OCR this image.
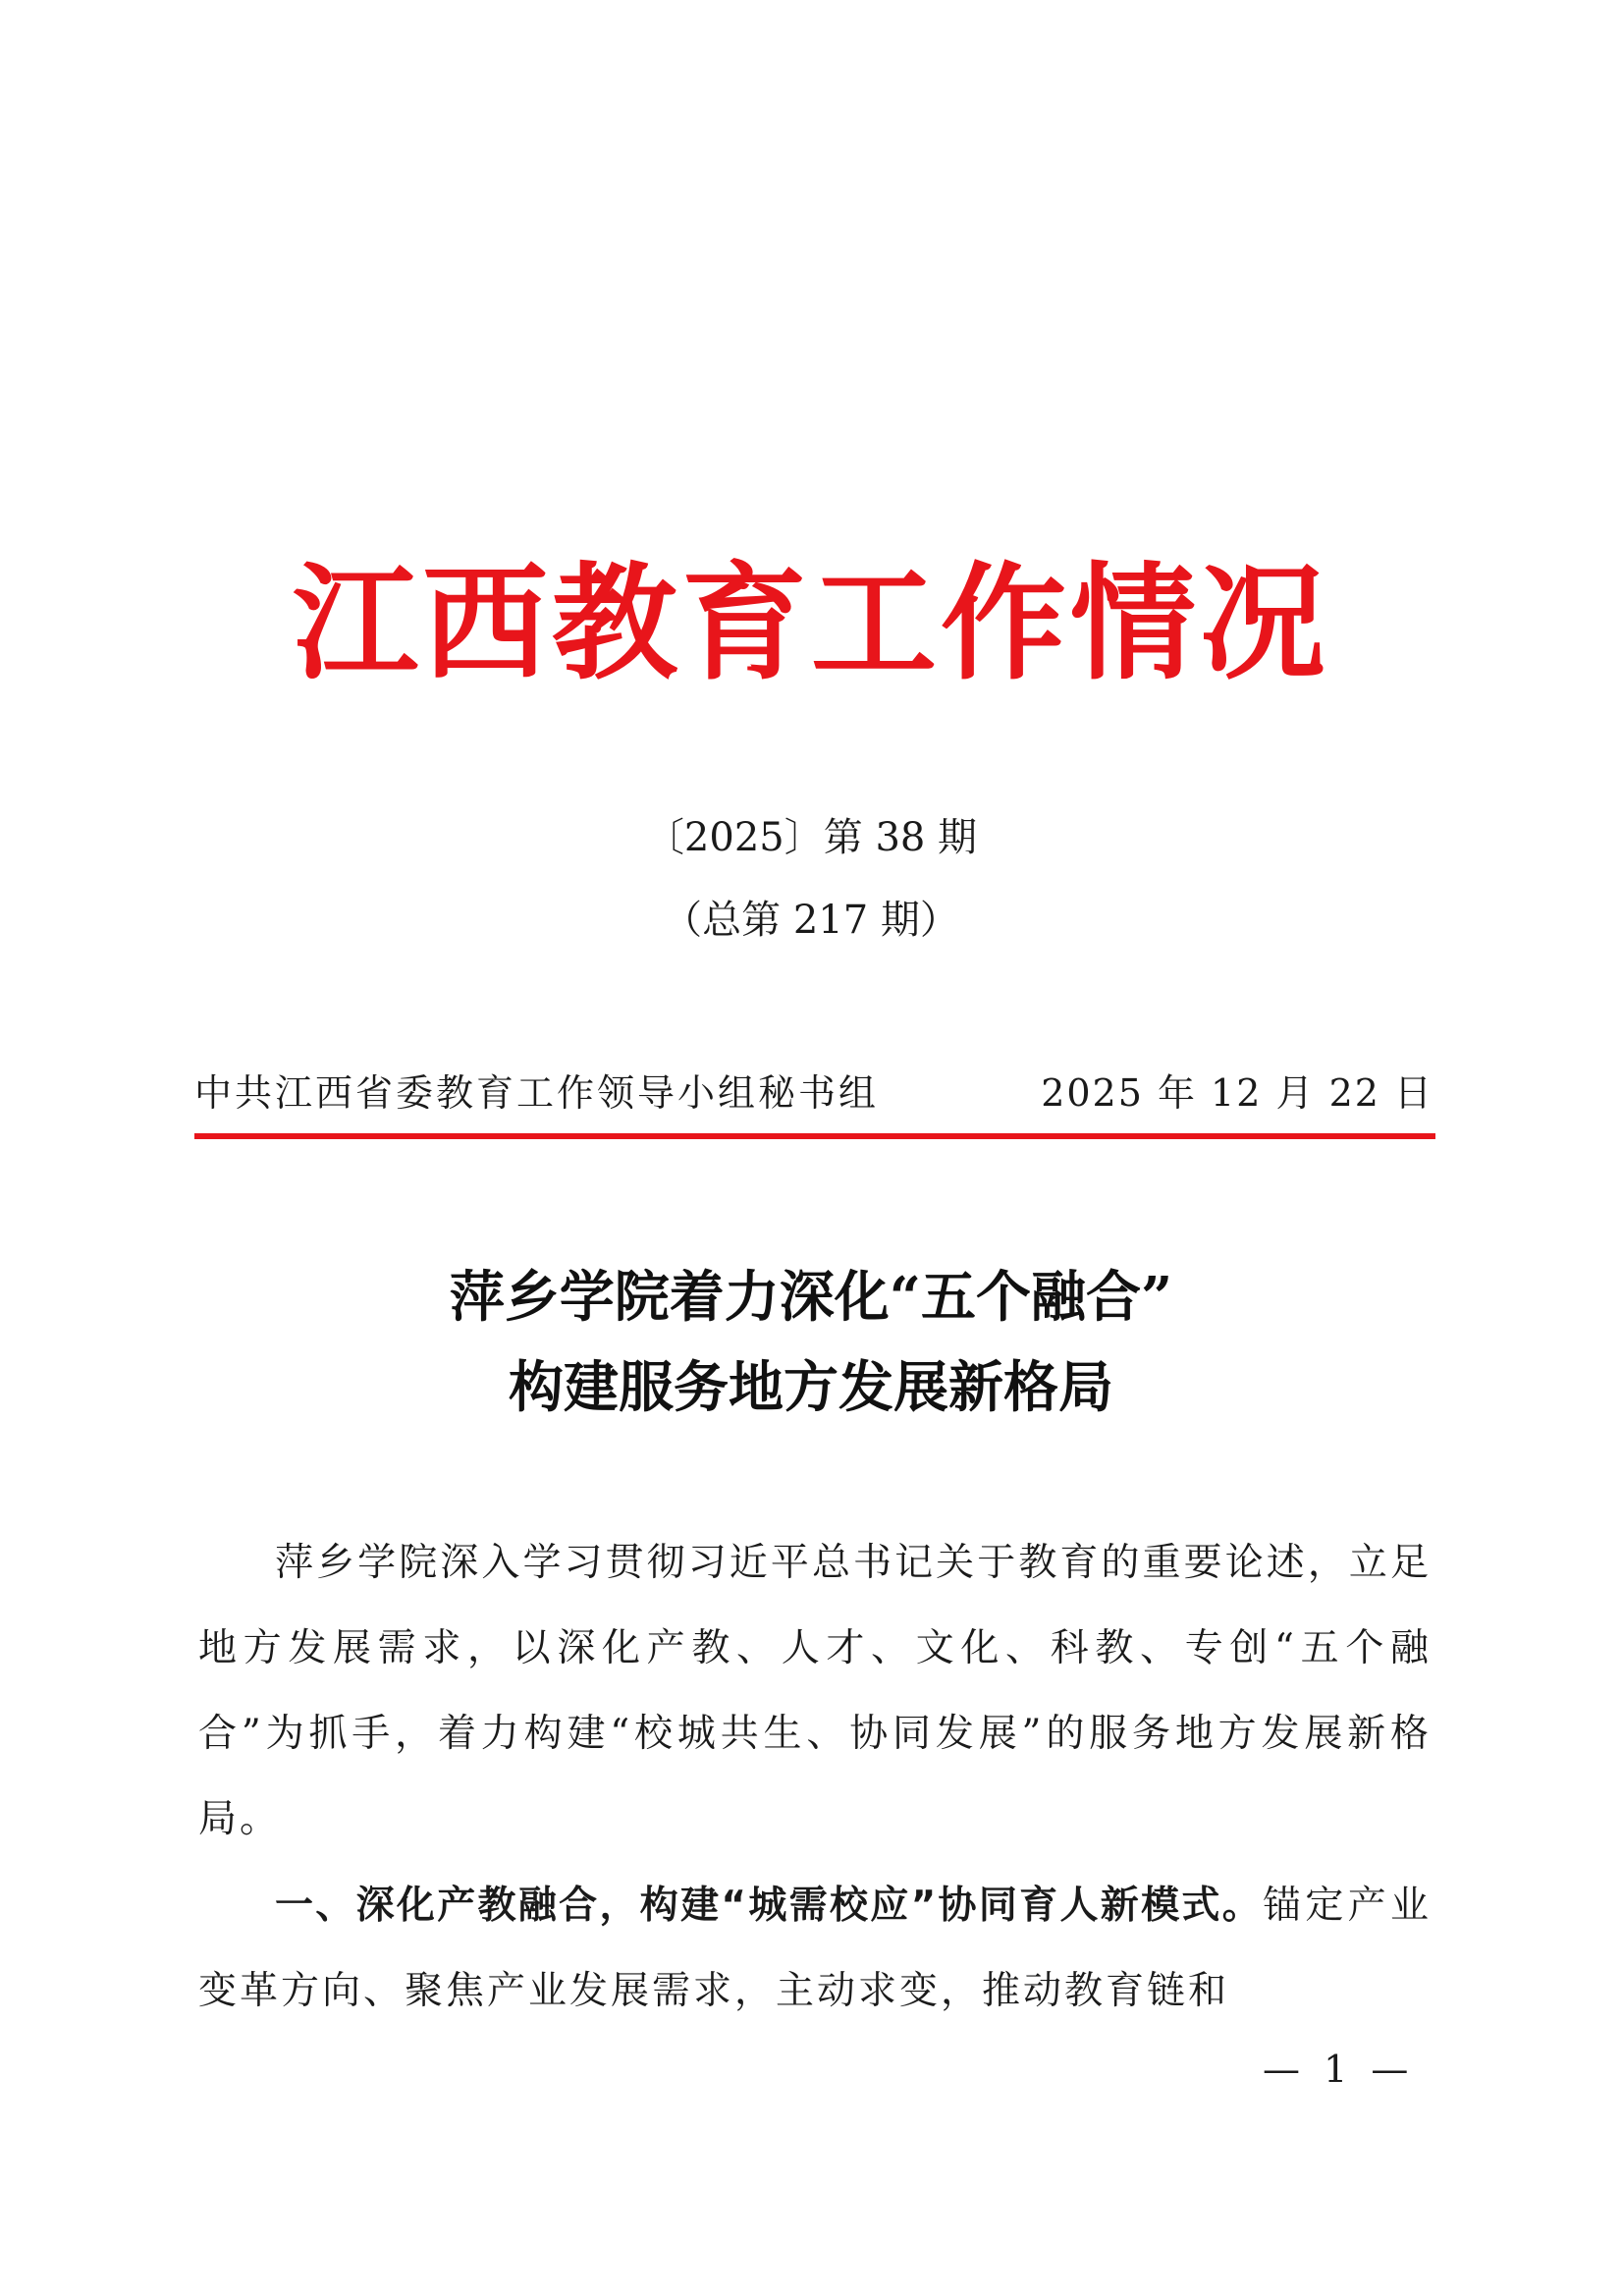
江西教育工作情况
〔2025〕第 38 期
（总第 217 期）
中共江西省委教育工作领导小组秘书组	2025 年 12 月 22 日
萍乡学院着力深化“五个融合”
构建服务地方发展新格局

萍乡学院深入学习贯彻习近平总书记关于教育的重要论述，立足地方发展需求，以深化产教、人才、文化、科教、专创“五个融合”为抓手，着力构建“校城共生、协同发展”的服务地方发展新格局。

一、深化产教融合，构建“城需校应”协同育人新模式。锚定产业变革方向、聚焦产业发展需求，主动求变，推动教育链和

— 1 —
